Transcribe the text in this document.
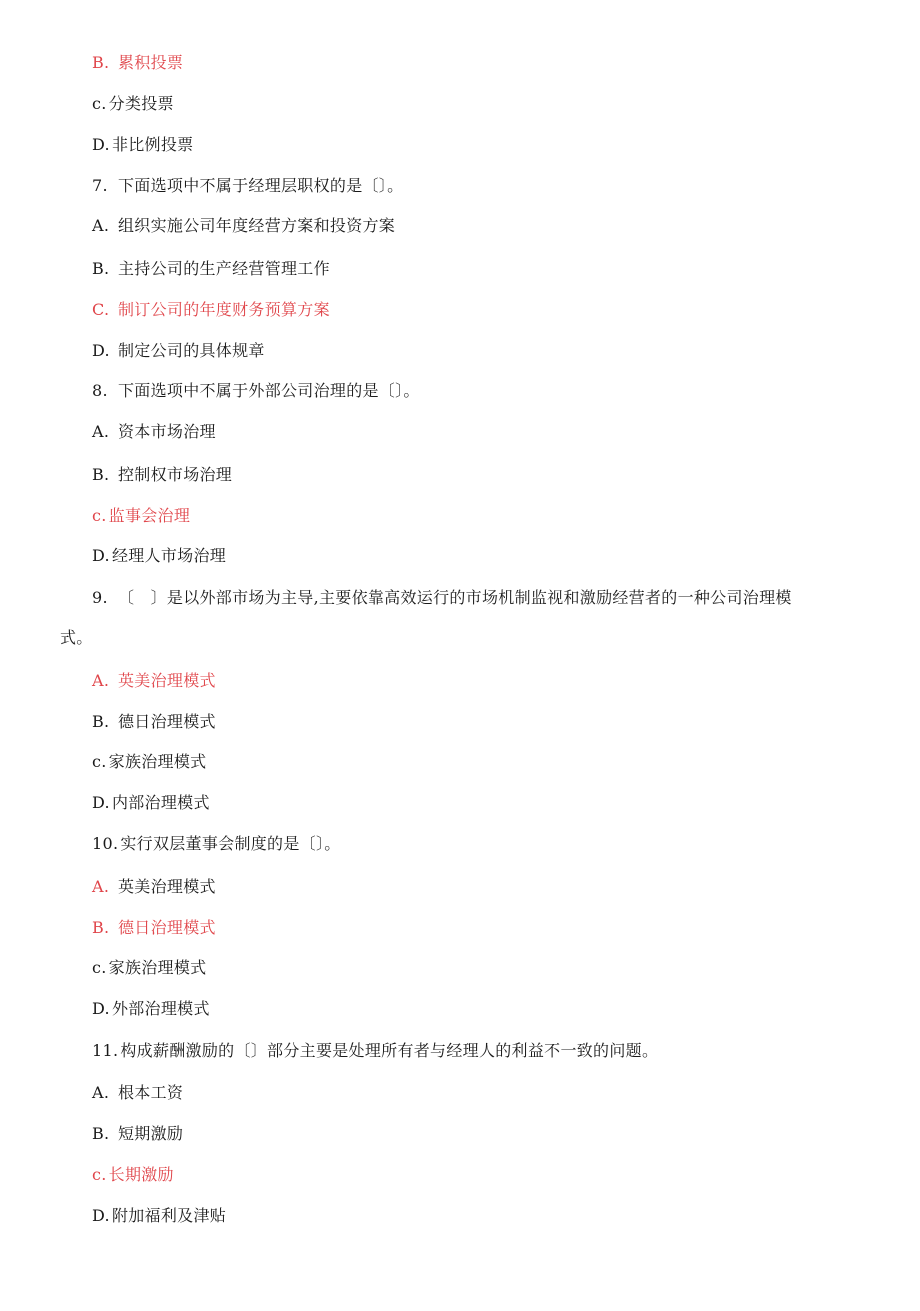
B. 累积投票
c. 分类投票
D. 非比例投票
7. 下面选项中不属于经理层职权的是〔〕。
A. 组织实施公司年度经营方案和投资方案
B. 主持公司的生产经营管理工作
C. 制订公司的年度财务预算方案
D. 制定公司的具体规章
8. 下面选项中不属于外部公司治理的是〔〕。
A. 资本市场治理
B. 控制权市场治理
c. 监事会治理
D. 经理人市场治理
9. 〔　〕是以外部市场为主导,主要依靠高效运行的市场机制监视和激励经营者的一种公司治理模
式。
A. 英美治理模式
B. 德日治理模式
c. 家族治理模式
D. 内部治理模式
10. 实行双层董事会制度的是〔〕。
A. 英美治理模式
B. 德日治理模式
c. 家族治理模式
D. 外部治理模式
11. 构成薪酬激励的〔〕部分主要是处理所有者与经理人的利益不一致的问题。
A. 根本工资
B. 短期激励
c. 长期激励
D. 附加福利及津贴
